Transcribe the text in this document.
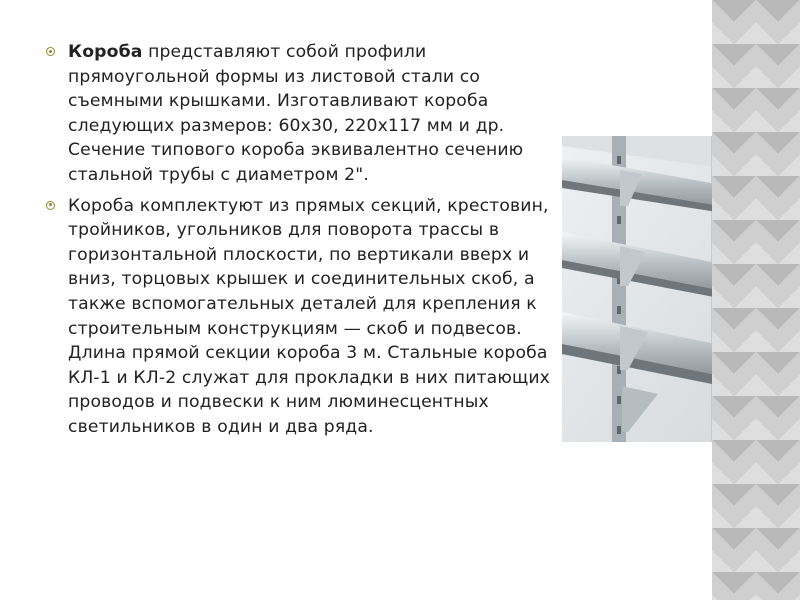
Короба представляют собой профили прямоугольной формы из листовой стали со съемными крышками. Изготавливают короба следующих размеров: 60х30, 220х117 мм и др. Сечение типового короба эквивалентно сечению стальной трубы с диаметром 2".
Короба комплектуют из прямых секций, крестовин, тройников, угольников для поворота трассы в горизонтальной плоскости, по вертикали вверх и вниз, торцовых крышек и соединительных скоб, а также вспомогательных деталей для крепления к строительным конструкциям — скоб и подвесов. Длина прямой секции короба 3 м. Стальные короба КЛ-1 и КЛ-2 служат для прокладки в них питающих проводов и подвески к ним люминесцентных светильников в один и два ряда.
